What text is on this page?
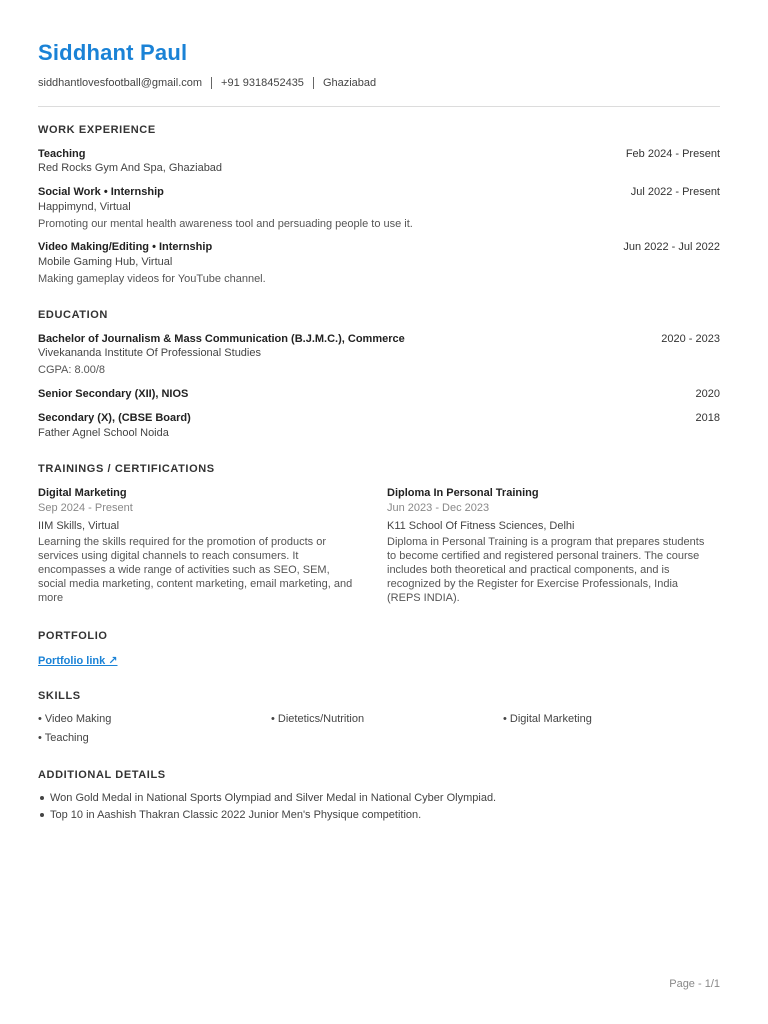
Siddhant Paul
siddhantlovesfootball@gmail.com +91 9318452435 Ghaziabad
WORK EXPERIENCE
Teaching	Feb 2024 - Present
Red Rocks Gym And Spa, Ghaziabad
Social Work • Internship	Jul 2022 - Present
Happimynd, Virtual
Promoting our mental health awareness tool and persuading people to use it.
Video Making/Editing • Internship	Jun 2022 - Jul 2022
Mobile Gaming Hub, Virtual
Making gameplay videos for YouTube channel.
EDUCATION
Bachelor of Journalism & Mass Communication (B.J.M.C.), Commerce	2020 - 2023
Vivekananda Institute Of Professional Studies
CGPA: 8.00/8
Senior Secondary (XII), NIOS	2020
Secondary (X), (CBSE Board)	2018
Father Agnel School Noida
TRAININGS / CERTIFICATIONS
Digital Marketing
Sep 2024 - Present
IIM Skills, Virtual
Learning the skills required for the promotion of products or
services using digital channels to reach consumers. It
encompasses a wide range of activities such as SEO, SEM,
social media marketing, content marketing, email marketing, and
more
Diploma In Personal Training
Jun 2023 - Dec 2023
K11 School Of Fitness Sciences, Delhi
Diploma in Personal Training is a program that prepares students
to become certified and registered personal trainers. The course
includes both theoretical and practical components, and is
recognized by the Register for Exercise Professionals, India
(REPS INDIA).
PORTFOLIO
Portfolio link ↗
SKILLS
• Video Making	• Dietetics/Nutrition	• Digital Marketing
• Teaching
ADDITIONAL DETAILS
Won Gold Medal in National Sports Olympiad and Silver Medal in National Cyber Olympiad.
Top 10 in Aashish Thakran Classic 2022 Junior Men's Physique competition.
Page - 1/1
